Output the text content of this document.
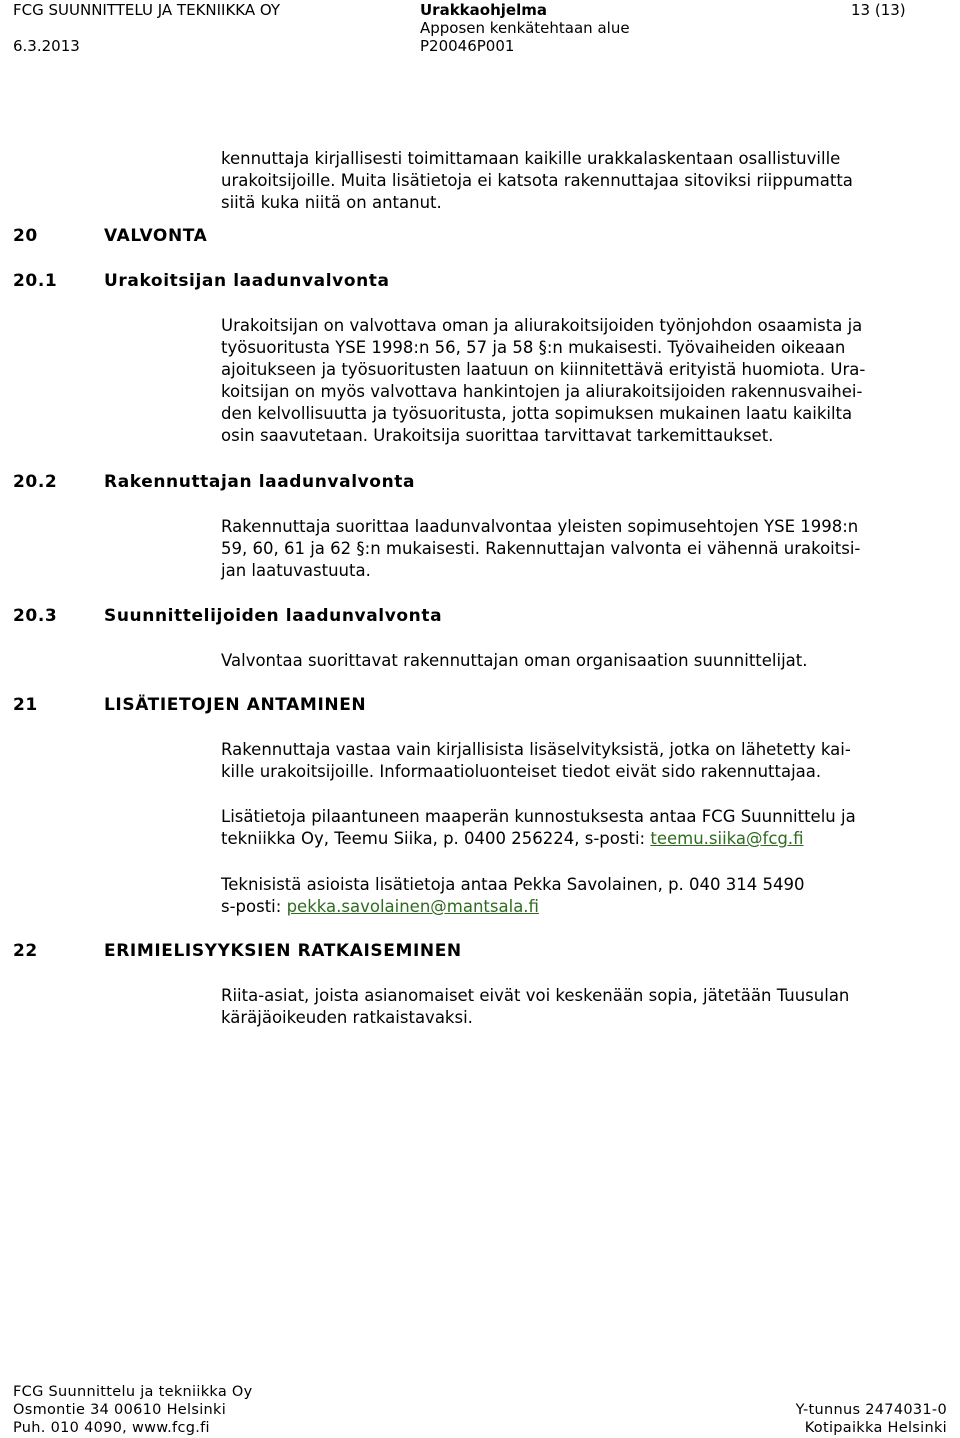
FCG SUUNNITTELU JA TEKNIIKKA OY
6.3.2013
Urakkaohjelma
Apposen kenkätehtaan alue
P20046P001
13 (13)
kennuttaja kirjallisesti toimittamaan kaikille urakkalaskentaan osallistuville
urakoitsijoille. Muita lisätietoja ei katsota rakennuttajaa sitoviksi riippumatta
siitä kuka niitä on antanut.
20	VALVONTA
20.1	Urakoitsijan laadunvalvonta
Urakoitsijan on valvottava oman ja aliurakoitsijoiden työnjohdon osaamista ja
työsuoritusta YSE 1998:n 56, 57 ja 58 §:n mukaisesti. Työvaiheiden oikeaan
ajoitukseen ja työsuoritusten laatuun on kiinnitettävä erityistä huomiota. Ura-
koitsijan on myös valvottava hankintojen ja aliurakoitsijoiden rakennusvaihei-
den kelvollisuutta ja työsuoritusta, jotta sopimuksen mukainen laatu kaikilta
osin saavutetaan. Urakoitsija suorittaa tarvittavat tarkemittaukset.
20.2	Rakennuttajan laadunvalvonta
Rakennuttaja suorittaa laadunvalvontaa yleisten sopimusehtojen YSE 1998:n
59, 60, 61 ja 62 §:n mukaisesti. Rakennuttajan valvonta ei vähennä urakoitsi-
jan laatuvastuuta.
20.3	Suunnittelijoiden laadunvalvonta
Valvontaa suorittavat rakennuttajan oman organisaation suunnittelijat.
21	LISÄTIETOJEN ANTAMINEN
Rakennuttaja vastaa vain kirjallisista lisäselvityksistä, jotka on lähetetty kai-
kille urakoitsijoille. Informaatioluonteiset tiedot eivät sido rakennuttajaa.
Lisätietoja pilaantuneen maaperän kunnostuksesta antaa FCG Suunnittelu ja
tekniikka Oy, Teemu Siika, p. 0400 256224, s-posti: teemu.siika@fcg.fi
Teknisistä asioista lisätietoja antaa Pekka Savolainen, p. 040 314 5490
s-posti: pekka.savolainen@mantsala.fi
22	ERIMIELISYYKSIEN RATKAISEMINEN
Riita-asiat, joista asianomaiset eivät voi keskenään sopia, jätetään Tuusulan
käräjäoikeuden ratkaistavaksi.
FCG Suunnittelu ja tekniikka Oy
Osmontie 34 00610 Helsinki
Puh. 010 4090, www.fcg.fi
Y-tunnus 2474031-0
Kotipaikka Helsinki
